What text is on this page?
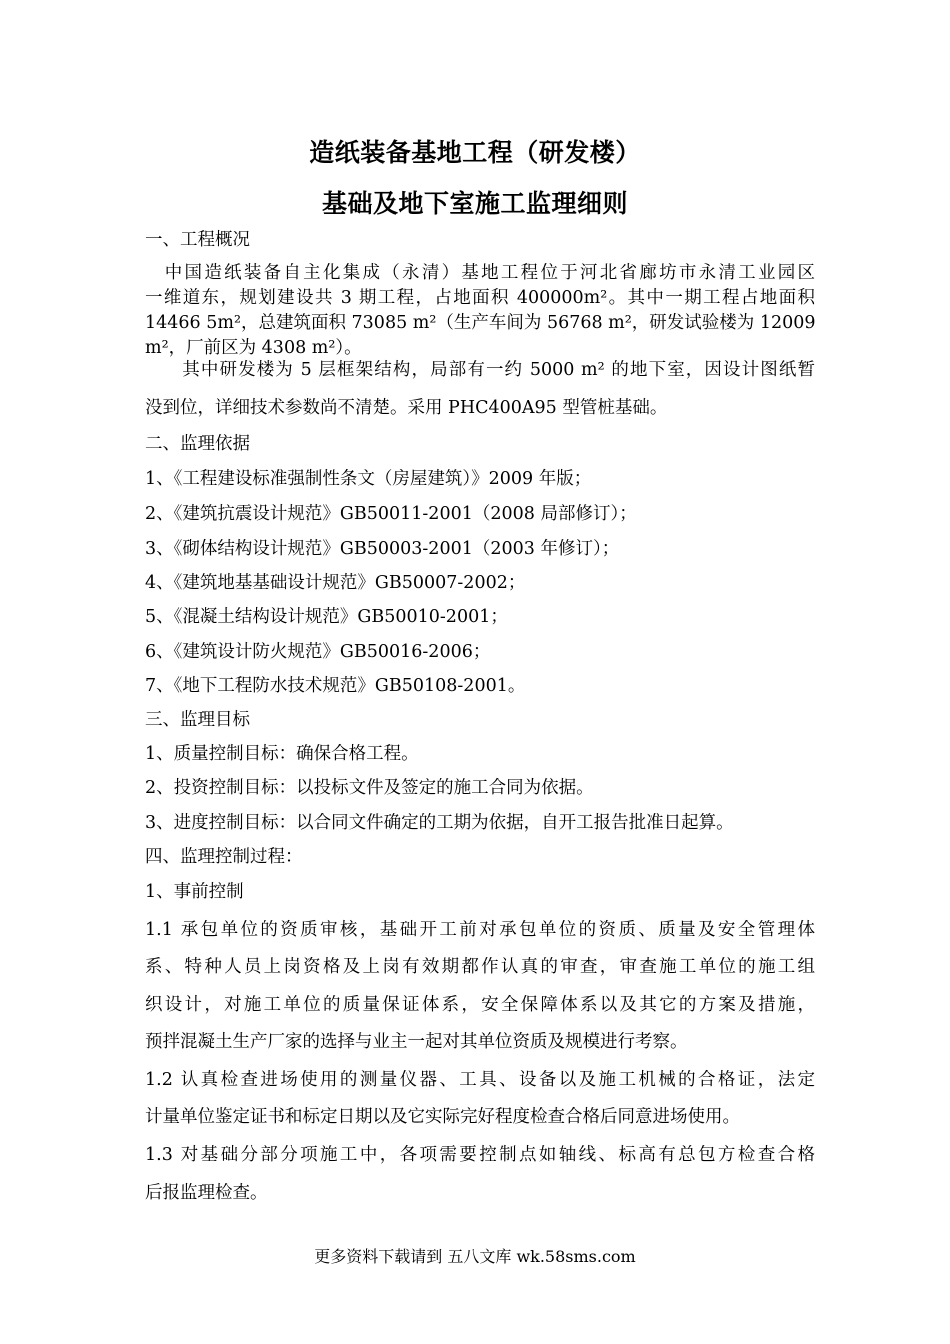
造纸装备基地工程（研发楼）
基础及地下室施工监理细则
一、工程概况
　中国造纸装备自主化集成（永清）基地工程位于河北省廊坊市永清工业园区
一维道东，规划建设共 3 期工程，占地面积 400000m²。其中一期工程占地面积
14466 5m²，总建筑面积 73085 m²（生产车间为 56768 m²，研发试验楼为 12009
m²，厂前区为 4308 m²）。
　　其中研发楼为 5 层框架结构，局部有一约 5000 m² 的地下室，因设计图纸暂
没到位，详细技术参数尚不清楚。采用 PHC400A95 型管桩基础。
二、监理依据
1、《工程建设标准强制性条文（房屋建筑）》2009 年版；
2、《建筑抗震设计规范》GB50011-2001（2008 局部修订）；
3、《砌体结构设计规范》GB50003-2001（2003 年修订）；
4、《建筑地基基础设计规范》GB50007-2002；
5、《混凝土结构设计规范》GB50010-2001；
6、《建筑设计防火规范》GB50016-2006；
7、《地下工程防水技术规范》GB50108-2001。
三、监理目标
1、质量控制目标：确保合格工程。
2、投资控制目标：以投标文件及签定的施工合同为依据。
3、进度控制目标：以合同文件确定的工期为依据，自开工报告批准日起算。
四、监理控制过程：
1、事前控制
1.1 承包单位的资质审核，基础开工前对承包单位的资质、质量及安全管理体
系、特种人员上岗资格及上岗有效期都作认真的审查，审查施工单位的施工组
织设计，对施工单位的质量保证体系，安全保障体系以及其它的方案及措施，
预拌混凝土生产厂家的选择与业主一起对其单位资质及规模进行考察。
1.2 认真检查进场使用的测量仪器、工具、设备以及施工机械的合格证，法定
计量单位鉴定证书和标定日期以及它实际完好程度检查合格后同意进场使用。
1.3 对基础分部分项施工中，各项需要控制点如轴线、标高有总包方检查合格
后报监理检查。
更多资料下载请到 五八文库 wk.58sms.com
